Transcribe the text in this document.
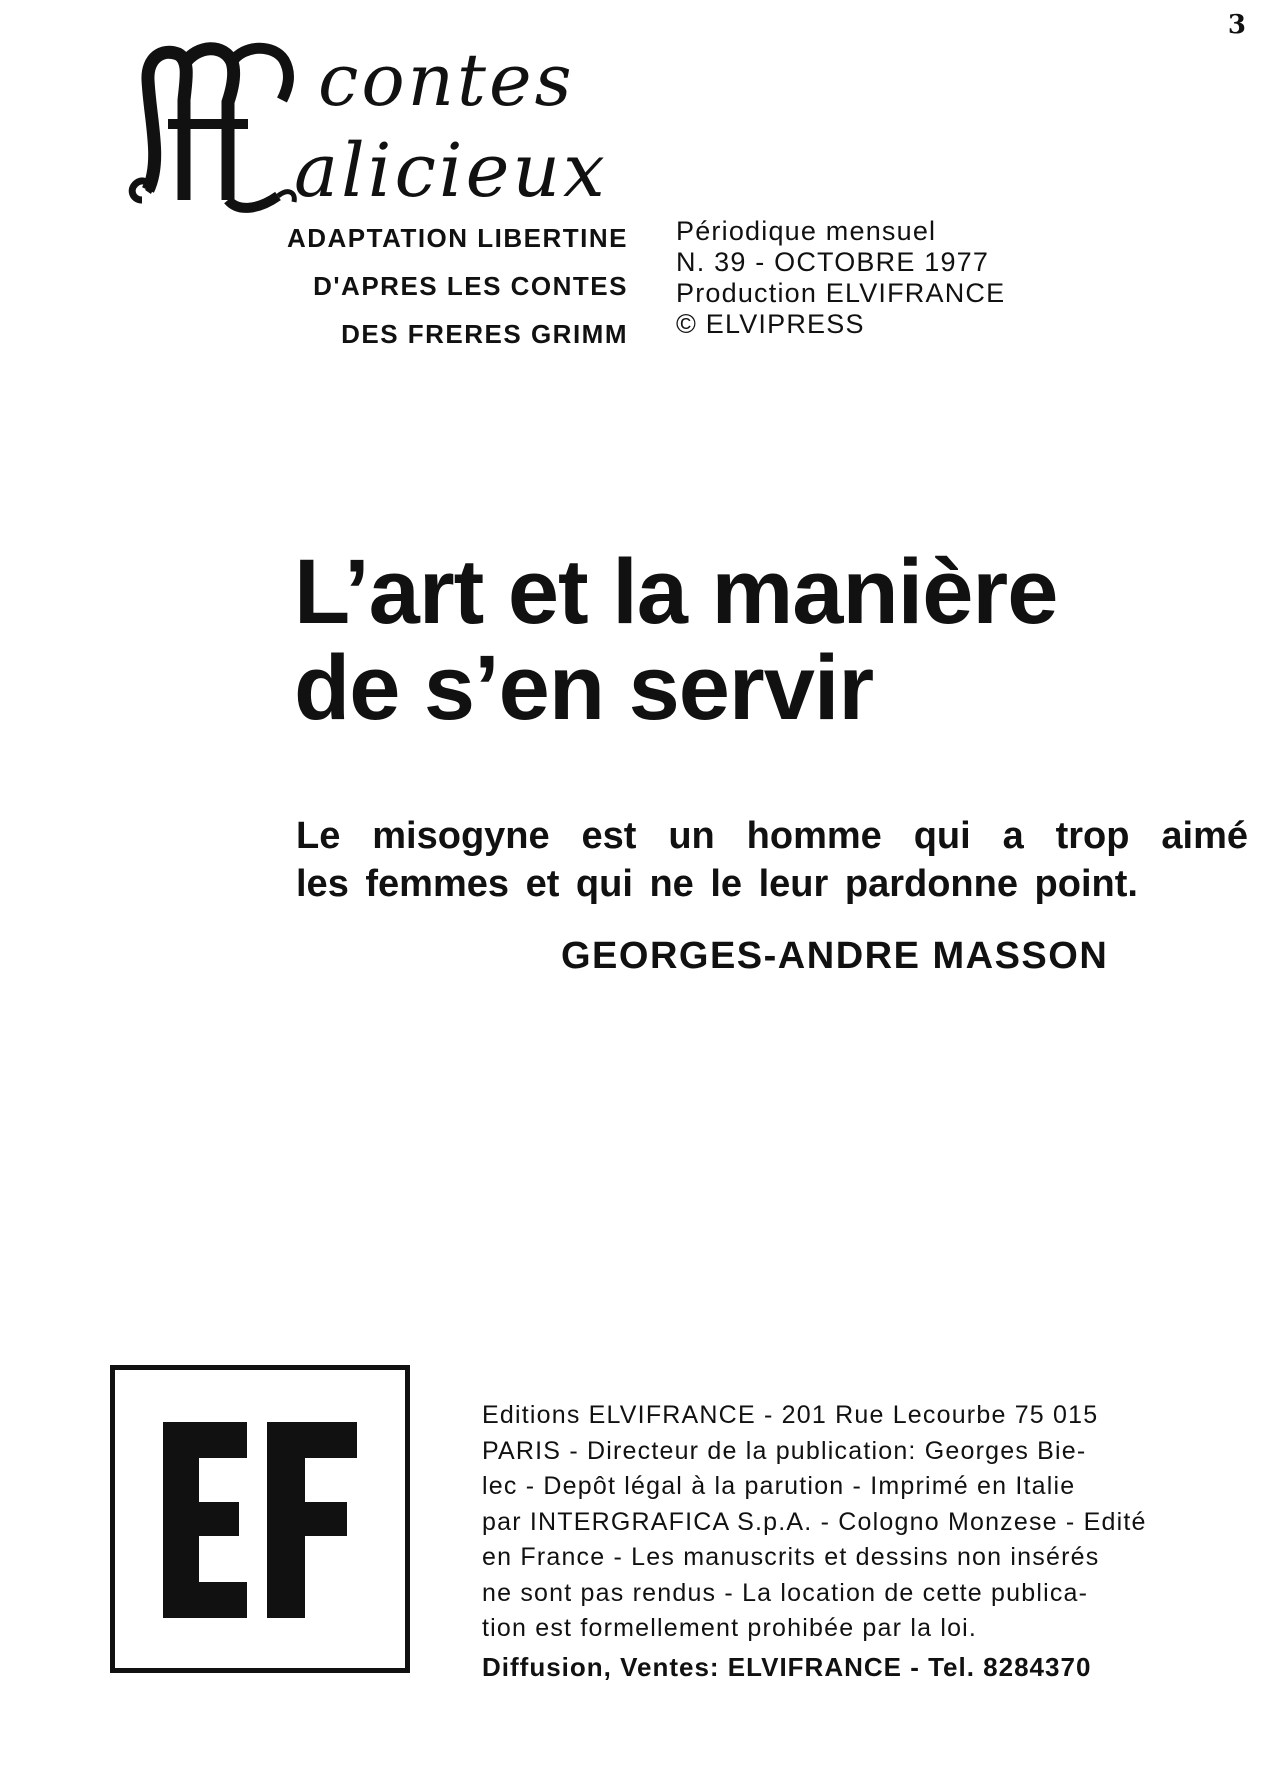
3
contes
alicieux
ADAPTATION LIBERTINE
D'APRES LES CONTES
DES FRERES GRIMM
Périodique mensuel
N. 39 - OCTOBRE 1977
Production ELVIFRANCE
© ELVIPRESS
L’art et la manière
de s’en servir
Le misogyne est un homme qui a trop aimé
les femmes et qui ne le leur pardonne point.
GEORGES-ANDRE MASSON
Editions ELVIFRANCE - 201 Rue Lecourbe 75 015
PARIS - Directeur de la publication: Georges Bie-
lec - Depôt légal à la parution - Imprimé en Italie
par INTERGRAFICA S.p.A. - Cologno Monzese - Edité
en France - Les manuscrits et dessins non insérés
ne sont pas rendus - La location de cette publica-
tion est formellement prohibée par la loi.
Diffusion, Ventes: ELVIFRANCE - Tel. 8284370
